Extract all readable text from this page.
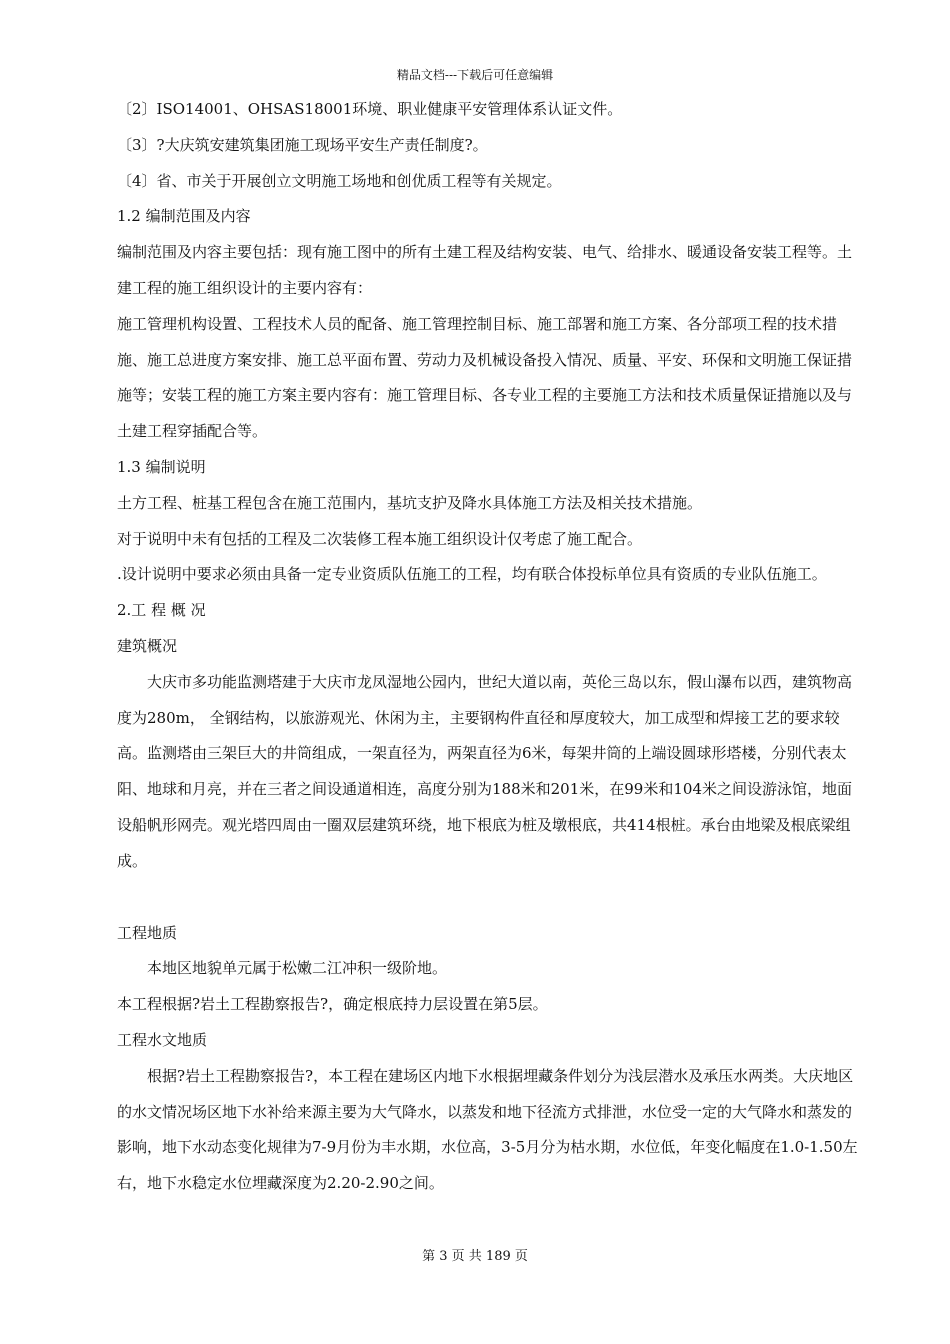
精品文档---下载后可任意编辑

〔2〕ISO14001、OHSAS18001环境、职业健康平安管理体系认证文件。

〔3〕?大庆筑安建筑集团施工现场平安生产责任制度?。

〔4〕省、市关于开展创立文明施工场地和创优质工程等有关规定。

1.2 编制范围及内容

编制范围及内容主要包括：现有施工图中的所有土建工程及结构安装、电气、给排水、暖通设备安装工程等。土建工程的施工组织设计的主要内容有：

施工管理机构设置、工程技术人员的配备、施工管理控制目标、施工部署和施工方案、各分部项工程的技术措施、施工总进度方案安排、施工总平面布置、劳动力及机械设备投入情况、质量、平安、环保和文明施工保证措施等；安装工程的施工方案主要内容有：施工管理目标、各专业工程的主要施工方法和技术质量保证措施以及与土建工程穿插配合等。

1.3 编制说明

土方工程、桩基工程包含在施工范围内，基坑支护及降水具体施工方法及相关技术措施。

对于说明中未有包括的工程及二次装修工程本施工组织设计仅考虑了施工配合。

.设计说明中要求必须由具备一定专业资质队伍施工的工程，均有联合体投标单位具有资质的专业队伍施工。

2.工 程 概 况

建筑概况

大庆市多功能监测塔建于大庆市龙凤湿地公园内，世纪大道以南，英伦三岛以东，假山瀑布以西，建筑物高度为280m， 全钢结构，以旅游观光、休闲为主，主要钢构件直径和厚度较大，加工成型和焊接工艺的要求较高。监测塔由三架巨大的井筒组成，一架直径为，两架直径为6米，每架井筒的上端设圆球形塔楼，分别代表太阳、地球和月亮，并在三者之间设通道相连，高度分别为188米和201米，在99米和104米之间设游泳馆，地面设船帆形网壳。观光塔四周由一圈双层建筑环绕，地下根底为桩及墩根底，共414根桩。承台由地梁及根底梁组成。

工程地质

本地区地貌单元属于松嫩二江冲积一级阶地。

本工程根据?岩土工程勘察报告?，确定根底持力层设置在第5层。

工程水文地质

根据?岩土工程勘察报告?，本工程在建场区内地下水根据埋藏条件划分为浅层潜水及承压水两类。大庆地区的水文情况场区地下水补给来源主要为大气降水，以蒸发和地下径流方式排泄，水位受一定的大气降水和蒸发的影响，地下水动态变化规律为7-9月份为丰水期，水位高，3-5月分为枯水期，水位低，年变化幅度在1.0-1.50左右，地下水稳定水位埋藏深度为2.20-2.90之间。

第 3 页 共 189 页
